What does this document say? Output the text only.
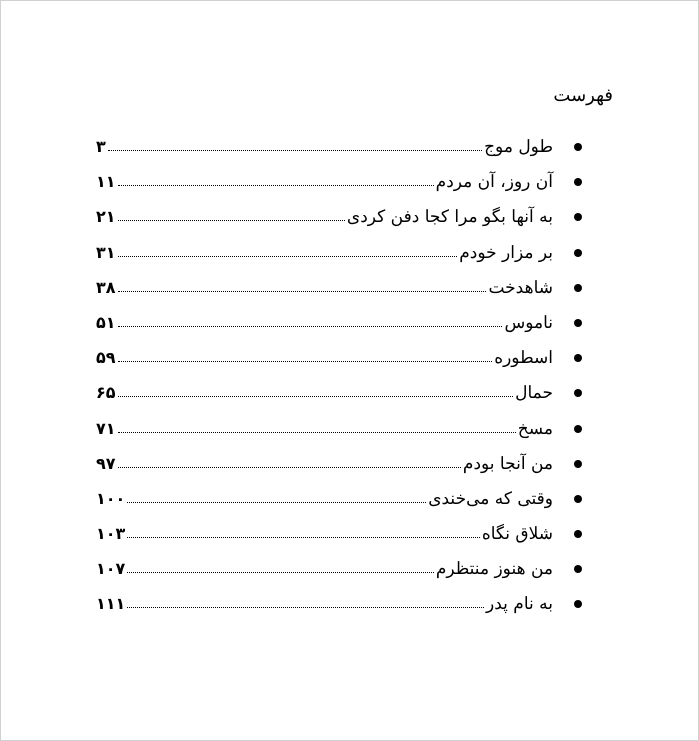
فهرست
طول موج
۳
آن روز، آن مردم
۱۱
به آنها بگو مرا کجا دفن کردی
۲۱
بر مزار خودم
۳۱
شاهدخت
۳۸
ناموس
۵۱
اسطوره
۵۹
حمال
۶۵
مسخ
۷۱
من آنجا بودم
۹۷
وقتی که می‌خندی
۱۰۰
شلاق نگاه
۱۰۳
من هنوز منتظرم
۱۰۷
به نام پدر
۱۱۱
